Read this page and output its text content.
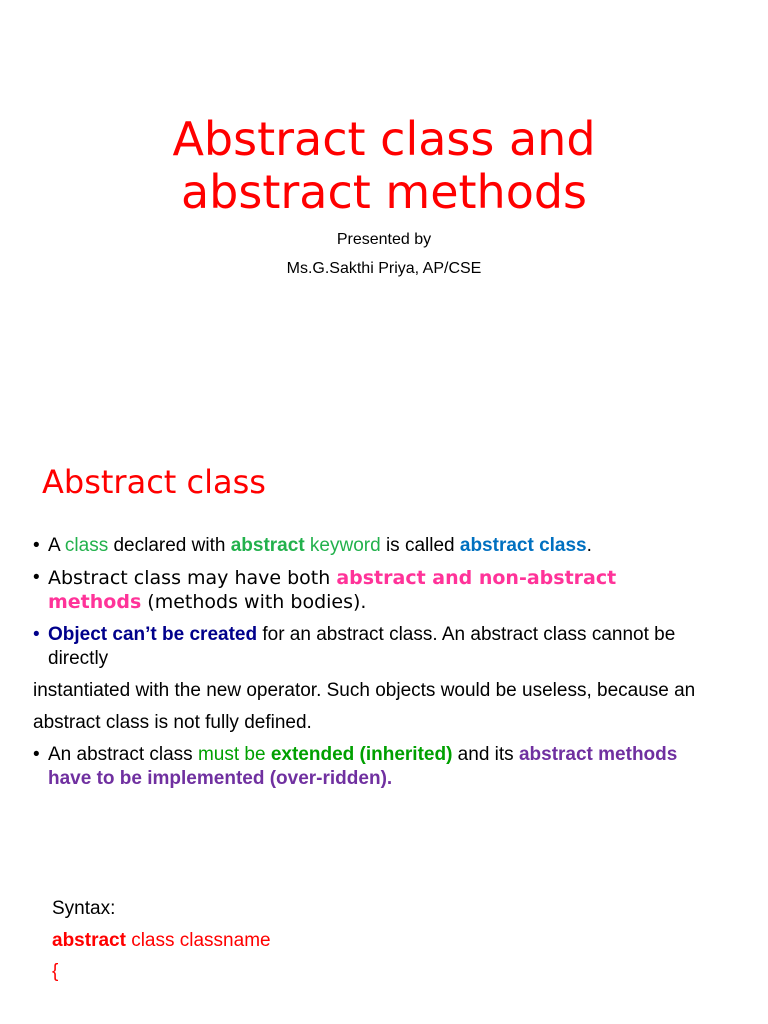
Abstract class and
abstract methods
Presented by
Ms.G.Sakthi Priya, AP/CSE
Abstract class
• A class declared with abstract keyword is called abstract class.
• Abstract class may have both abstract and non-abstract
methods (methods with bodies).
• Object can’t be created for an abstract class. An abstract class cannot be
directly
instantiated with the new operator. Such objects would be useless, because an
abstract class is not fully defined.
• An abstract class must be extended (inherited) and its abstract methods
have to be implemented (over-ridden).
Syntax:
abstract class classname
{
